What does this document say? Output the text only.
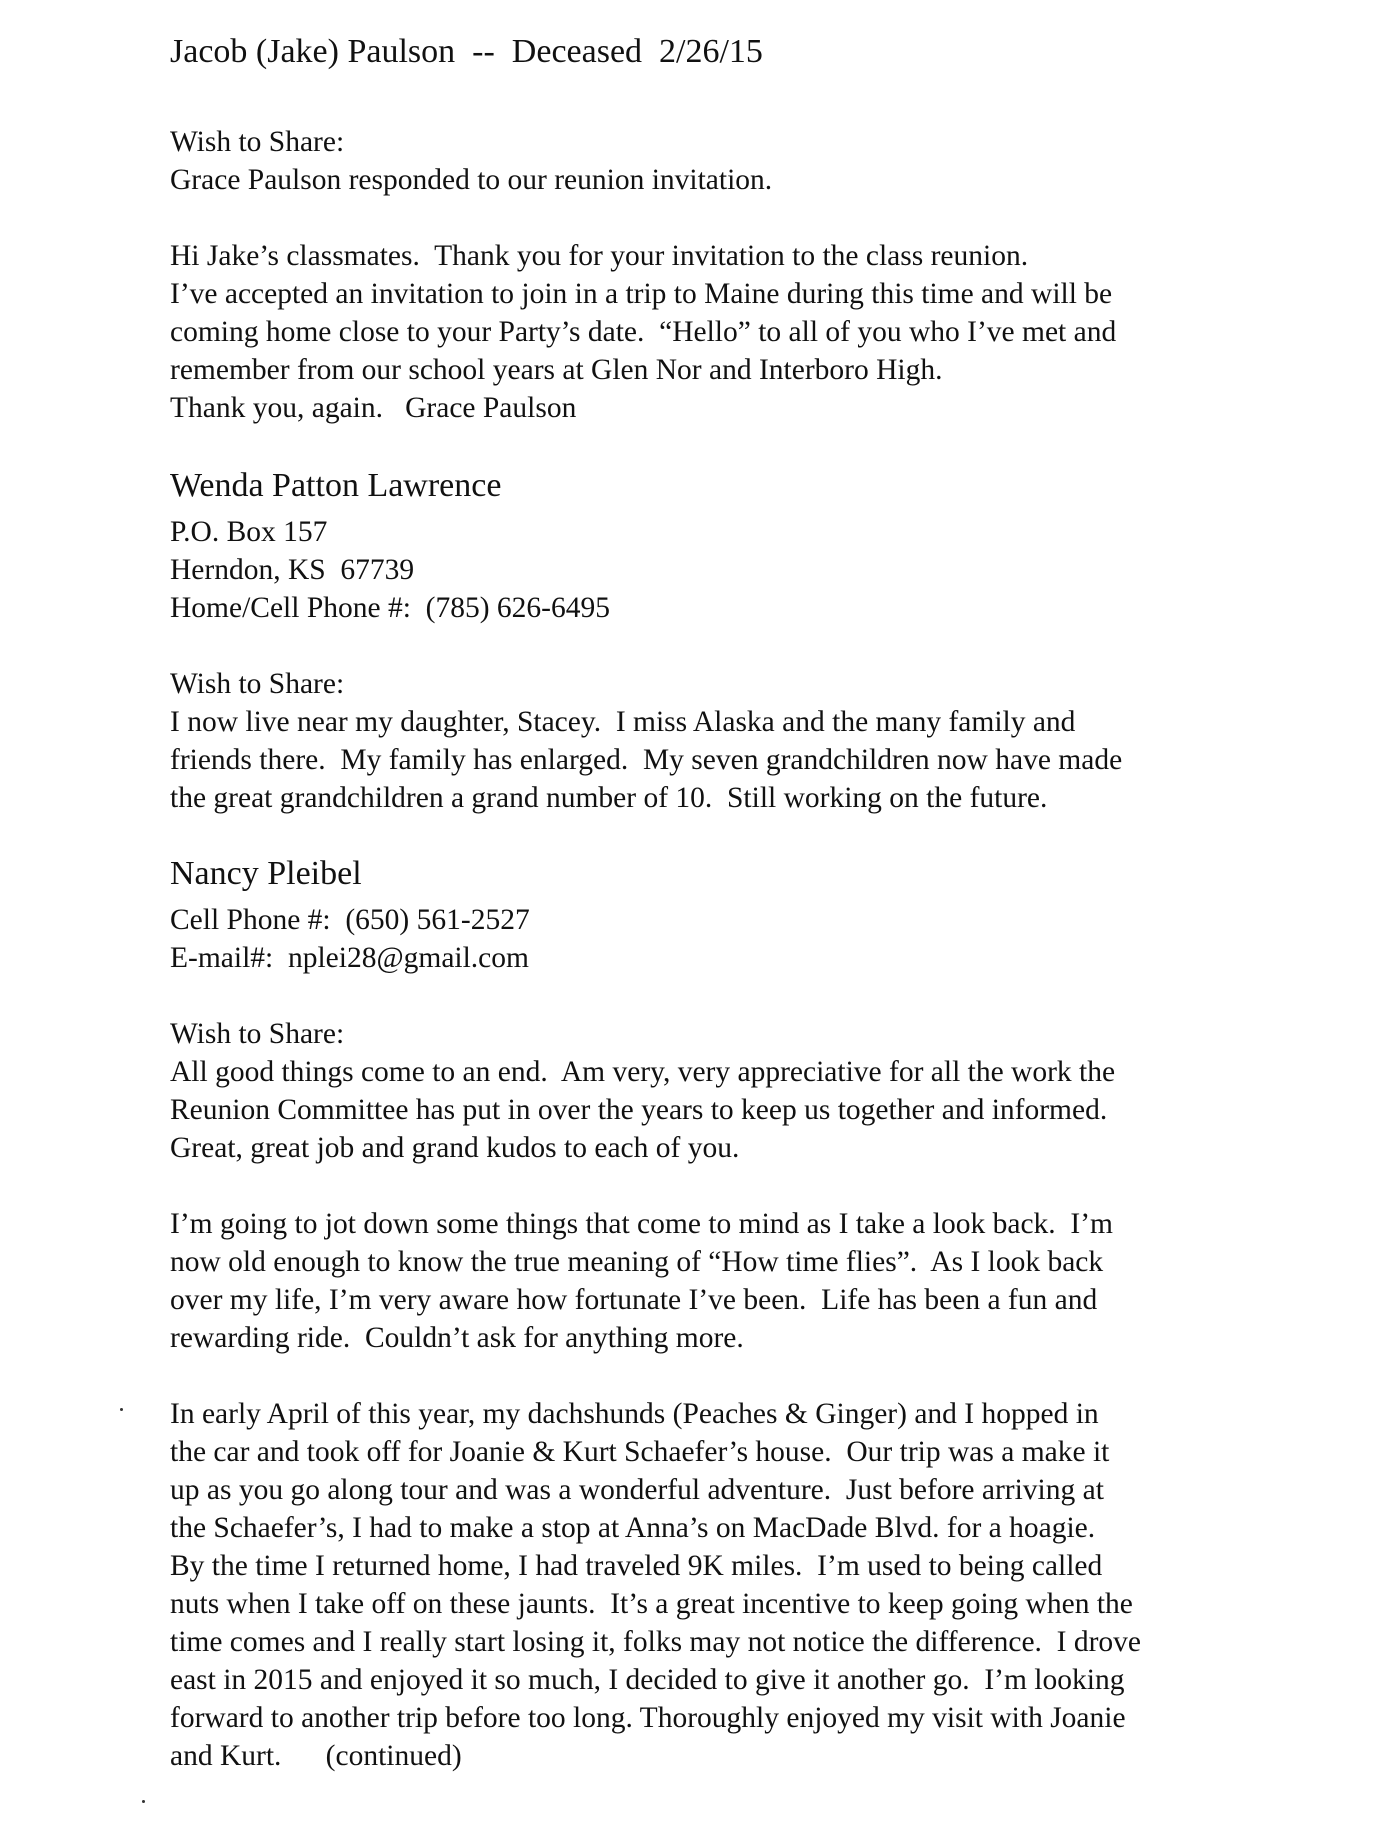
Jacob (Jake) Paulson  --  Deceased  2/26/15
Wish to Share:
Grace Paulson responded to our reunion invitation.
Hi Jake’s classmates.  Thank you for your invitation to the class reunion.
I’ve accepted an invitation to join in a trip to Maine during this time and will be
coming home close to your Party’s date.  “Hello” to all of you who I’ve met and
remember from our school years at Glen Nor and Interboro High.
Thank you, again.   Grace Paulson
Wenda Patton Lawrence
P.O. Box 157
Herndon, KS  67739
Home/Cell Phone #:  (785) 626-6495
Wish to Share:
I now live near my daughter, Stacey.  I miss Alaska and the many family and
friends there.  My family has enlarged.  My seven grandchildren now have made
the great grandchildren a grand number of 10.  Still working on the future.
Nancy Pleibel
Cell Phone #:  (650) 561-2527
E-mail#:  nplei28@gmail.com
Wish to Share:
All good things come to an end.  Am very, very appreciative for all the work the
Reunion Committee has put in over the years to keep us together and informed.
Great, great job and grand kudos to each of you.
I’m going to jot down some things that come to mind as I take a look back.  I’m
now old enough to know the true meaning of “How time flies”.  As I look back
over my life, I’m very aware how fortunate I’ve been.  Life has been a fun and
rewarding ride.  Couldn’t ask for anything more.
In early April of this year, my dachshunds (Peaches & Ginger) and I hopped in
the car and took off for Joanie & Kurt Schaefer’s house.  Our trip was a make it
up as you go along tour and was a wonderful adventure.  Just before arriving at
the Schaefer’s, I had to make a stop at Anna’s on MacDade Blvd. for a hoagie.
By the time I returned home, I had traveled 9K miles.  I’m used to being called
nuts when I take off on these jaunts.  It’s a great incentive to keep going when the
time comes and I really start losing it, folks may not notice the difference.  I drove
east in 2015 and enjoyed it so much, I decided to give it another go.  I’m looking
forward to another trip before too long. Thoroughly enjoyed my visit with Joanie
and Kurt.      (continued)
